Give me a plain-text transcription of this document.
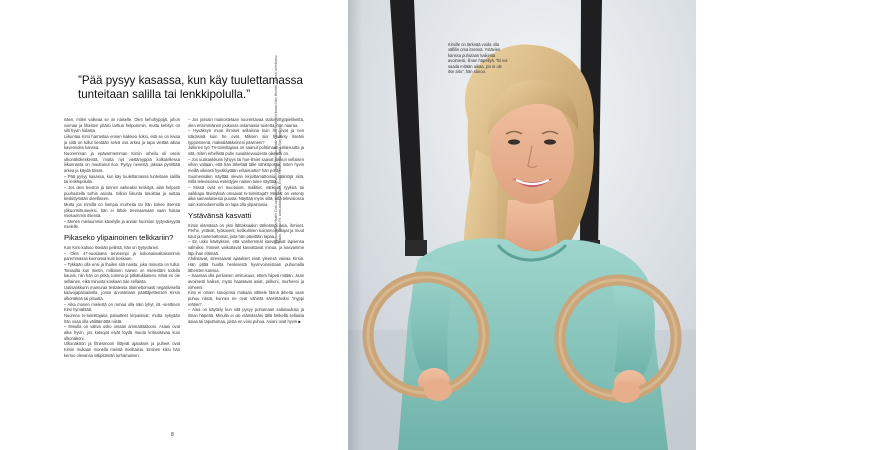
”Pää pysyy kasassa, kun käy tuulettamassa tunteitaan salilla tai lenkkipolulla.”

näen, miten vaikeaa se on naiselle. Olen kehohyppijä, johon voimaa ja lihasten pitäisi tarttua helpommin, mutta kehitys on silti hyvin hidasta.

Liikuntaa Kirsi harrastaa ennen kaikkea iloksi, eitä se on kivaa ja siitä on tullut tientään selvä osa arkea ja tapa viettää aikaa kavereiden kanssa.

Nuoremman ja epävarmemman Kirsin urheilu oli osein ulkonäkökeskeistä, mutta nyt viettämyppiä kolkutellessa liikunnasta on muuttunut iloa. Pysyy nevestä, jaksaa pyörittää arkea ja käydä töissä.

– Pää pysyy kasassa, kun käy tuulettamassa tunteitaan salilla tai lenkkipolulla.

– Jos olen levoton ja tunnen vaikeaksi keskityä, alan helposti puuhastella turhia asioita. Silloin liikunta tasoittaa ja auttaa keskittymään oleelliseen.

Mutta jos Kirsillä on liompia murheita tai hän kokee itsensä ylikuormittuneeksi, hän ei lähde treenaamaan vaan hoitaa mieluummin itsensä.

– Menen mieluummin kävelylle ja annan huomion tyytyväisyyttä mielelle.

Pikaseko ylipainoinen telkkariin?

Kun Kirsi katsoo itseään peilistä, hän on tyytyväinen.

– Olen 47-vuotiaana terveempi ja kokonaisvaltaisemmin paremmassa kunnossa kuin koskaan.

– Tykkään olla ensi ja lhailen sitä naista, joka minusta on tullut. Toisaalta kun mietin, millainen nainen on mielestäni todella kaunis, niin hän on pitkä, tumma ja pitkätukkainen. Minä en ole sellainen, eikä minusta koskaan tule sellaista.

Uutisankkurin mamuraa testatessa tilannettomasti negatiivisella kaavojapaloaisella, jonsa arvostelaan päättäjiettenseri Kirsin ulkonäköä tai pituutta.

– Aika monen mielestä on rumaa olla näin lyhyt, ilä -senttinen Kirsi hymähtää.

Nuorena tv-toimittajana palautteet kirpaisivat: mutta nykyään hän osaa olla välittämättä niistä.

– Minulla on valtva usko omaan ammattitaitooni. Asiani ovat aika hyvin, jos katsojat eivät löydä muuta kritisoitavaa kuin ulkonäköni.

Ulkonäköön ja fitnesmoon liittyvät ajatukset ja puheet ovat Kirsin mukaan monella meistä mielitaisia. Entinen kiksi hän kertoo olevansa välipitämän turhamainen.

– Jos jossain mainostetaan nuorentavaa otaluvoittyppielikeittä, olen ensimmäinen joukossa ostamassa tuotetta, hän nauraa.

– Hyväksyn muut ihmiset sellaisina kuin he ovat ja nen näköisinä kuin he ovat. Miksen siis hyväksy itseäni typpinsnenä, maksalääkkeineni päivineni?

Julkinen työ TV-toimittajana on saanut pohtimaan erilaisuutta ja sitä, miten erbellistä puhe suvaitsevuudesta oikeasti on.

– Jos uutisankkurin lyhyys tai hoe-ilmiet saavat jonkun sellaisen vihan valtaan, että hän lähettää tälle sähköpostia, miten hyvin meillä oikeasti hyväksytään erilaisuutta? hän pohtii.

Suomessakin näyttää olevan kirjoittamattomia sääntöjä siitä, millä televisiossa esitettyjen nainen tulee näyttää.

– Missä ovat eri muotoiset, mallitiet, värikset, tyylisiä tai vaikkapa lävistyksiä omaavat tv-toimittajat? Meidät on vetenty aika samanlaisesta puusta. Näyttää myös siltä, että televisiossa vain komediennoilla on lupa olla ylipainoisia.

Ystävänsä kasvatti

Kirsin elämässä on yksi lähtaksaakin tärkeämpi asia, ihmiset. Perhe, ystävät, työkaverit, kotikulmien koirannomistajat ja muut tutut ja tuntemattomat, joita hän päivittäin tapaa.

– En usko kävityksen, että vanhemmat kasvattavat lapsensa valmiiksi. Ihmiset vaikuttavat kasvattavat minua, ja kasvamme läpi ihan elämää.

Ahdistavat, stressaavat ajatukset eivät yleensä vaivaa Kirsiä. Hän pitää huolta henkisestä hyvinvoinnistaan puhumalla läheisten kanssa.

– Saamaa olla porilainen omituisuus, ettem hiipeä mitään. Jaan avoimesti kaiken, myös haastavat asiat, pelkoni, murheeni ja virheeni.

Kirsi ei omien sanojensa mukaan välttele läsnä äiheita vaan puhuu niistä, kunnes ne ovat vähintä särmittäviksi ”myppi rehtien”.

– Aina on käyttely kun sitä pysyy puhumaan salaisuuksia ja ilman häpeää. Minulla ei ole elämässäni tällä hetkellä sellaisia asiaa tai taputtumaa, joista en voisi puhua. Asiani ovat hyvin.■

8	9
Kirsille on tärkeää voida olla vällilin oma itsensä. Ystävien kanssa puhutaan kaikesta avoimesti, ilman häpeilyä. ”Ei voi saada mitään aikaa, jos ei ole itse aito”, hän sanoo.
Kuvauspaikka Health Club Lauttasaari / Dynamic Hotell, Meiokki/Health Club. Vihreä urheiluasu Nike Women, Oranssi urheiluasu Tribute, Nordic Fit. www.adidas-fi, CIMA, Ecco / Puoli/Kimba. Dalu: Stay Healthy.
